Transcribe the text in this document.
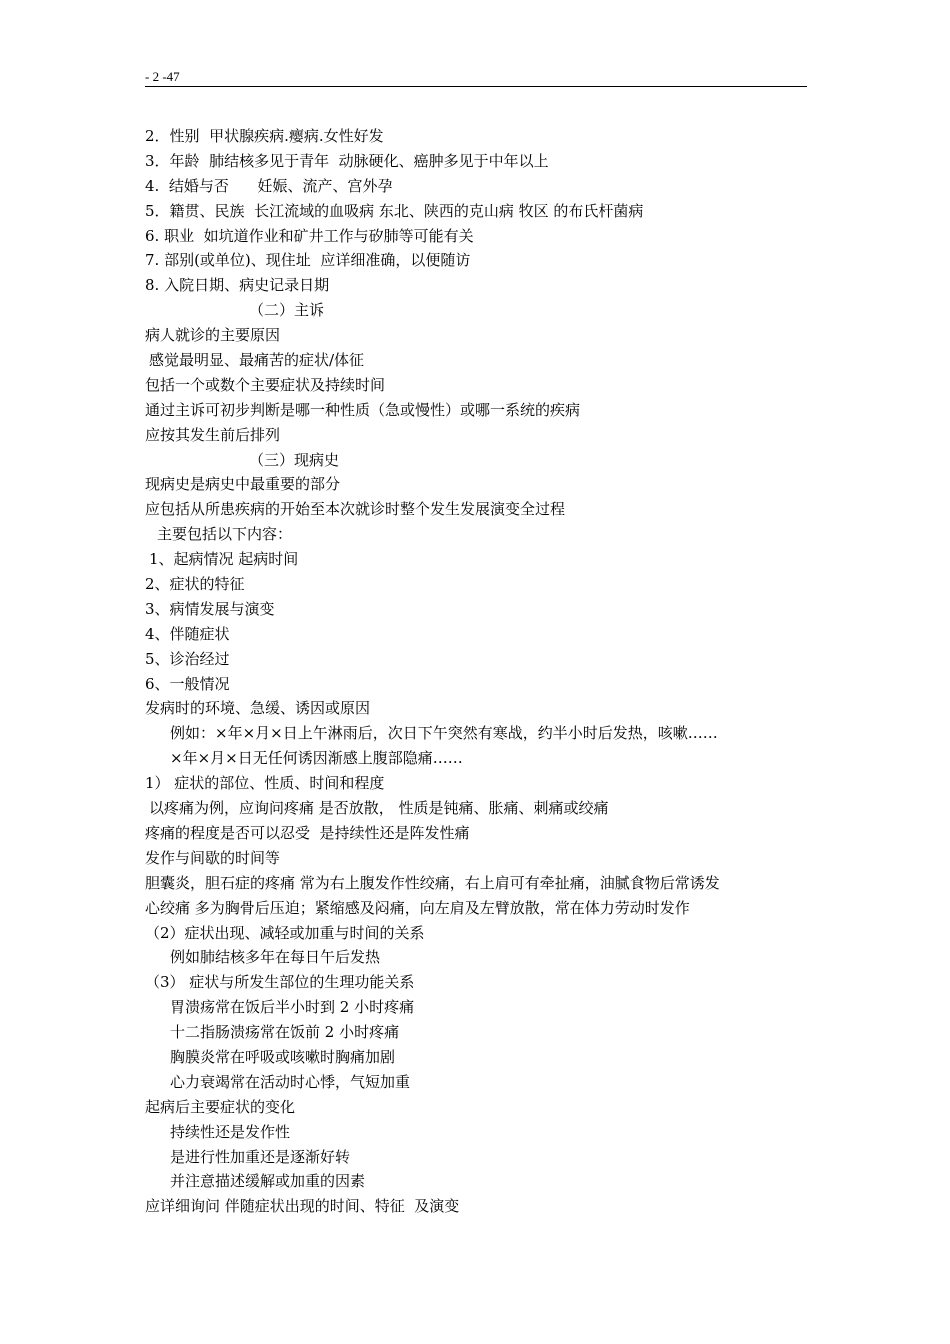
- 2 -47
2．性别  甲状腺疾病.瘿病.女性好发
3．年龄  肺结核多见于青年  动脉硬化、癌肿多见于中年以上
4.  结婚与否      妊娠、流产、宫外孕
5．籍贯、民族  长江流域的血吸病 东北、陕西的克山病 牧区 的布氏杆菌病
6. 职业  如坑道作业和矿井工作与矽肺等可能有关
7. 部别(或单位)、现住址  应详细准确，以便随访
8. 入院日期、病史记录日期
（二）主诉
病人就诊的主要原因
感觉最明显、最痛苦的症状/体征
包括一个或数个主要症状及持续时间
通过主诉可初步判断是哪一种性质（急或慢性）或哪一系统的疾病
应按其发生前后排列
（三）现病史
现病史是病史中最重要的部分
应包括从所患疾病的开始至本次就诊时整个发生发展演变全过程
主要包括以下内容：
1、起病情况 起病时间
2、症状的特征
3、病情发展与演变
4、伴随症状
5、诊治经过
6、一般情况
发病时的环境、急缓、诱因或原因
例如：×年×月×日上午淋雨后，次日下午突然有寒战，约半小时后发热，咳嗽……
×年×月×日无任何诱因渐感上腹部隐痛……
1） 症状的部位、性质、时间和程度
以疼痛为例，应询问疼痛 是否放散， 性质是钝痛、胀痛、刺痛或绞痛
疼痛的程度是否可以忍受  是持续性还是阵发性痛
发作与间歇的时间等
胆囊炎，胆石症的疼痛 常为右上腹发作性绞痛，右上肩可有牵扯痛，油腻食物后常诱发
心绞痛 多为胸骨后压迫；紧缩感及闷痛，向左肩及左臂放散，常在体力劳动时发作
（2）症状出现、减轻或加重与时间的关系
例如肺结核多年在每日午后发热
（3） 症状与所发生部位的生理功能关系
胃溃疡常在饭后半小时到 2 小时疼痛
十二指肠溃疡常在饭前 2 小时疼痛
胸膜炎常在呼吸或咳嗽时胸痛加剧
心力衰竭常在活动时心悸，气短加重
起病后主要症状的变化
持续性还是发作性
是进行性加重还是逐渐好转
并注意描述缓解或加重的因素
应详细询问 伴随症状出现的时间、特征  及演变
